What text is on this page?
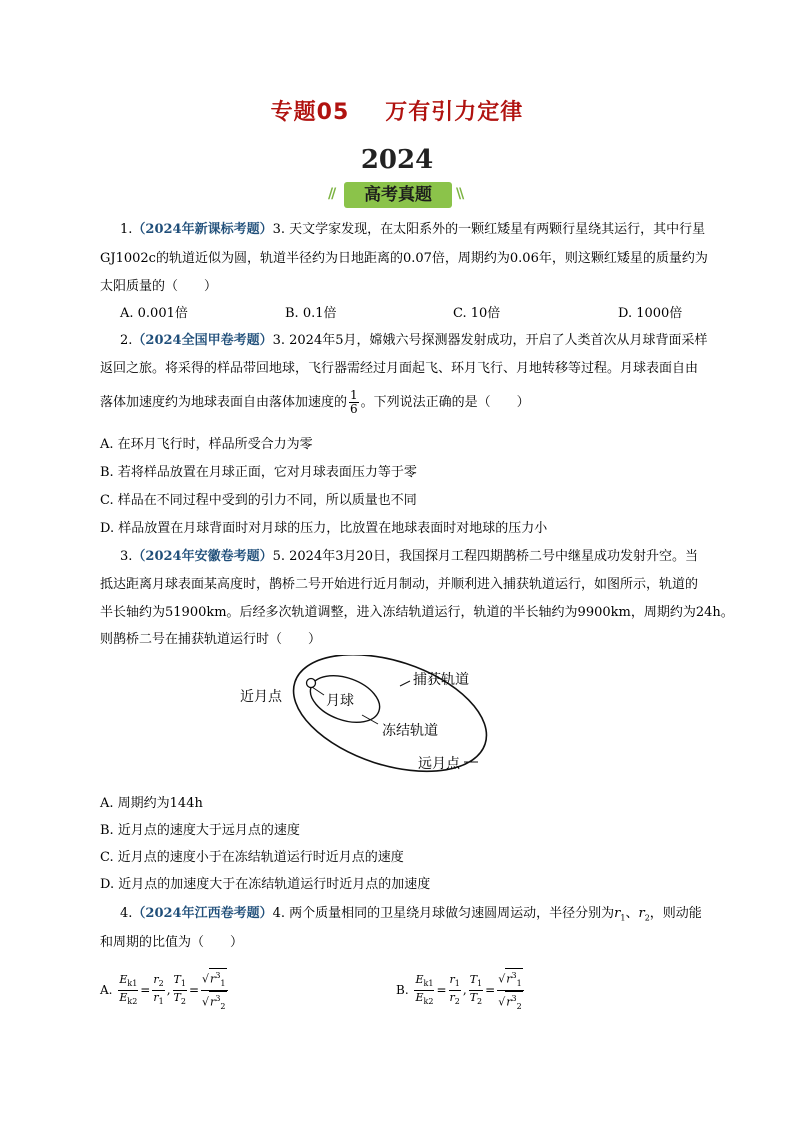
专题05 万有引力定律
2024
//	高考真题	\\
1.（2024年新课标考题）3. 天文学家发现，在太阳系外的一颗红矮星有两颗行星绕其运行，其中行星
GJ1002c的轨道近似为圆，轨道半径约为日地距离的0.07倍，周期约为0.06年，则这颗红矮星的质量约为
太阳质量的（　　）
A. 0.001倍	B. 0.1倍	C. 10倍	D. 1000倍
2.（2024全国甲卷考题）3. 2024年5月，嫦娥六号探测器发射成功，开启了人类首次从月球背面采样
返回之旅。将采得的样品带回地球，飞行器需经过月面起飞、环月飞行、月地转移等过程。月球表面自由
落体加速度约为地球表面自由落体加速度的 $\frac{1}{6}$ 。下列说法正确的是（　　）
A. 在环月飞行时，样品所受合力为零
B. 若将样品放置在月球正面，它对月球表面压力等于零
C. 样品在不同过程中受到的引力不同，所以质量也不同
D. 样品放置在月球背面时对月球的压力，比放置在地球表面时对地球的压力小
3.（2024年安徽卷考题）5. 2024年3月20日，我国探月工程四期鹊桥二号中继星成功发射升空。当
抵达距离月球表面某高度时，鹊桥二号开始进行近月制动，并顺利进入捕获轨道运行，如图所示，轨道的
半长轴约为51900km。后经多次轨道调整，进入冻结轨道运行，轨道的半长轴约为9900km，周期约为24h。
则鹊桥二号在捕获轨道运行时（　　）
近月点	月球
捕获轨道
冻结轨道
远月点
A. 周期约为144h
B. 近月点的速度大于远月点的速度
C. 近月点的速度小于在冻结轨道运行时近月点的速度
D. 近月点的加速度大于在冻结轨道运行时近月点的加速度
4.（2024年江西卷考题）4. 两个质量相同的卫星绕月球做匀速圆周运动，半径分别为$r_1$、$r_2$，则动能
和周期的比值为（　　）
A. $\frac{E_{k1}}{E_{k2}} = \frac{r_2}{r_1}$ , $\frac{T_1}{T_2} = \frac{√r^3_1}{√r^3_2}$	B. $\frac{E_{k1}}{E_{k2}} = \frac{r_1}{r_2}$ , $\frac{T_1}{T_2} = \frac{√r^3_1}{√r^3_2}$
